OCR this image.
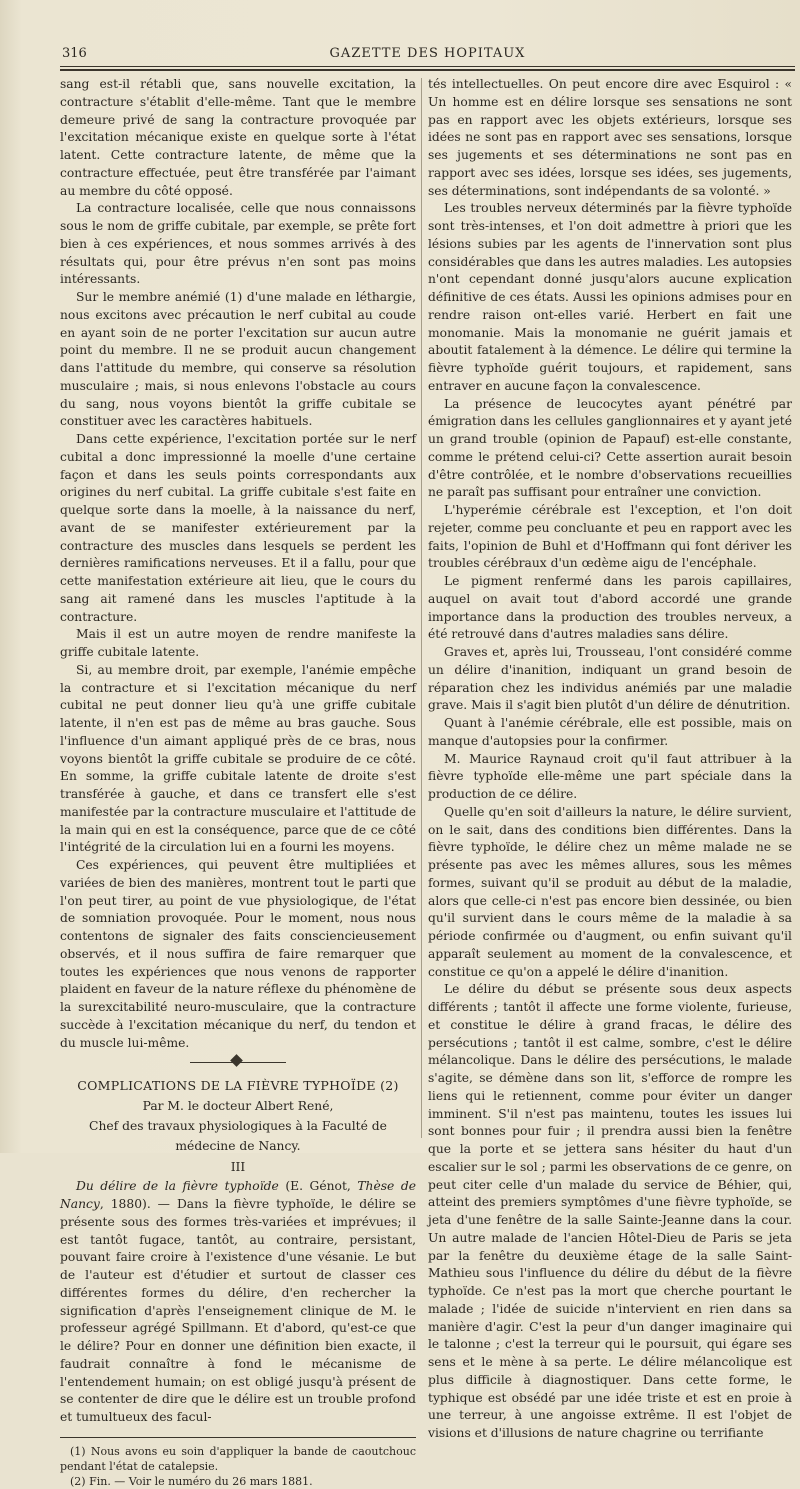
316	GAZETTE DES HOPITAUX

sang est-il rétabli que, sans nouvelle excitation, la contracture s'établit d'elle-même. Tant que le membre demeure privé de sang la contracture provoquée par l'excitation mécanique existe en quelque sorte à l'état latent. Cette contracture latente, de même que la contracture effectuée, peut être transférée par l'aimant au membre du côté opposé.

La contracture localisée, celle que nous connaissons sous le nom de griffe cubitale, par exemple, se prête fort bien à ces expériences, et nous sommes arrivés à des résultats qui, pour être prévus n'en sont pas moins intéressants.

Sur le membre anémié (1) d'une malade en léthargie, nous excitons avec précaution le nerf cubital au coude en ayant soin de ne porter l'excitation sur aucun autre point du membre. Il ne se produit aucun changement dans l'attitude du membre, qui conserve sa résolution musculaire ; mais, si nous enlevons l'obstacle au cours du sang, nous voyons bientôt la griffe cubitale se constituer avec les caractères habituels.

Dans cette expérience, l'excitation portée sur le nerf cubital a donc impressionné la moelle d'une certaine façon et dans les seuls points correspondants aux origines du nerf cubital. La griffe cubitale s'est faite en quelque sorte dans la moelle, à la naissance du nerf, avant de se manifester extérieurement par la contracture des muscles dans lesquels se perdent les dernières ramifications nerveuses. Et il a fallu, pour que cette manifestation extérieure ait lieu, que le cours du sang ait ramené dans les muscles l'aptitude à la contracture.

Mais il est un autre moyen de rendre manifeste la griffe cubitale latente.

Si, au membre droit, par exemple, l'anémie empêche la contracture et si l'excitation mécanique du nerf cubital ne peut donner lieu qu'à une griffe cubitale latente, il n'en est pas de même au bras gauche. Sous l'influence d'un aimant appliqué près de ce bras, nous voyons bientôt la griffe cubitale se produire de ce côté. En somme, la griffe cubitale latente de droite s'est transférée à gauche, et dans ce transfert elle s'est manifestée par la contracture musculaire et l'attitude de la main qui en est la conséquence, parce que de ce côté l'intégrité de la circulation lui en a fourni les moyens.

Ces expériences, qui peuvent être multipliées et variées de bien des manières, montrent tout le parti que l'on peut tirer, au point de vue physiologique, de l'état de somniation provoquée. Pour le moment, nous nous contentons de signaler des faits consciencieusement observés, et il nous suffira de faire remarquer que toutes les expériences que nous venons de rapporter plaident en faveur de la nature réflexe du phénomène de la surexcitabilité neuro-musculaire, que la contracture succède à l'excitation mécanique du nerf, du tendon et du muscle lui-même.

COMPLICATIONS DE LA FIÈVRE TYPHOÏDE (2)
Par M. le docteur Albert René,
Chef des travaux physiologiques à la Faculté de médecine de Nancy.
III

Du délire de la fièvre typhoïde (E. Génot, Thèse de Nancy, 1880). — Dans la fièvre typhoïde, le délire se présente sous des formes très-variées et imprévues; il est tantôt fugace, tantôt, au contraire, persistant, pouvant faire croire à l'existence d'une vésanie. Le but de l'auteur est d'étudier et surtout de classer ces différentes formes du délire, d'en rechercher la signification d'après l'enseignement clinique de M. le professeur agrégé Spillmann. Et d'abord, qu'est-ce que le délire? Pour en donner une définition bien exacte, il faudrait connaître à fond le mécanisme de l'entendement humain; on est obligé jusqu'à présent de se contenter de dire que le délire est un trouble profond et tumultueux des facul-

(1) Nous avons eu soin d'appliquer la bande de caoutchouc pendant l'état de catalepsie.
(2) Fin. — Voir le numéro du 26 mars 1881.

tés intellectuelles. On peut encore dire avec Esquirol : « Un homme est en délire lorsque ses sensations ne sont pas en rapport avec les objets extérieurs, lorsque ses idées ne sont pas en rapport avec ses sensations, lorsque ses jugements et ses déterminations ne sont pas en rapport avec ses idées, lorsque ses idées, ses jugements, ses déterminations, sont indépendants de sa volonté. »

Les troubles nerveux déterminés par la fièvre typhoïde sont très-intenses, et l'on doit admettre à priori que les lésions subies par les agents de l'innervation sont plus considérables que dans les autres maladies. Les autopsies n'ont cependant donné jusqu'alors aucune explication définitive de ces états. Aussi les opinions admises pour en rendre raison ont-elles varié. Herbert en fait une monomanie. Mais la monomanie ne guérit jamais et aboutit fatalement à la démence. Le délire qui termine la fièvre typhoïde guérit toujours, et rapidement, sans entraver en aucune façon la convalescence.

La présence de leucocytes ayant pénétré par émigration dans les cellules ganglionnaires et y ayant jeté un grand trouble (opinion de Papauf) est-elle constante, comme le prétend celui-ci? Cette assertion aurait besoin d'être contrôlée, et le nombre d'observations recueillies ne paraît pas suffisant pour entraîner une conviction.

L'hyperémie cérébrale est l'exception, et l'on doit rejeter, comme peu concluante et peu en rapport avec les faits, l'opinion de Buhl et d'Hoffmann qui font dériver les troubles cérébraux d'un œdème aigu de l'encéphale.

Le pigment renfermé dans les parois capillaires, auquel on avait tout d'abord accordé une grande importance dans la production des troubles nerveux, a été retrouvé dans d'autres maladies sans délire.

Graves et, après lui, Trousseau, l'ont considéré comme un délire d'inanition, indiquant un grand besoin de réparation chez les individus anémiés par une maladie grave. Mais il s'agit bien plutôt d'un délire de dénutrition.

Quant à l'anémie cérébrale, elle est possible, mais on manque d'autopsies pour la confirmer.

M. Maurice Raynaud croit qu'il faut attribuer à la fièvre typhoïde elle-même une part spéciale dans la production de ce délire.

Quelle qu'en soit d'ailleurs la nature, le délire survient, on le sait, dans des conditions bien différentes. Dans la fièvre typhoïde, le délire chez un même malade ne se présente pas avec les mêmes allures, sous les mêmes formes, suivant qu'il se produit au début de la maladie, alors que celle-ci n'est pas encore bien dessinée, ou bien qu'il survient dans le cours même de la maladie à sa période confirmée ou d'augment, ou enfin suivant qu'il apparaît seulement au moment de la convalescence, et constitue ce qu'on a appelé le délire d'inanition.

Le délire du début se présente sous deux aspects différents ; tantôt il affecte une forme violente, furieuse, et constitue le délire à grand fracas, le délire des persécutions ; tantôt il est calme, sombre, c'est le délire mélancolique. Dans le délire des persécutions, le malade s'agite, se démène dans son lit, s'efforce de rompre les liens qui le retiennent, comme pour éviter un danger imminent. S'il n'est pas maintenu, toutes les issues lui sont bonnes pour fuir ; il prendra aussi bien la fenêtre que la porte et se jettera sans hésiter du haut d'un escalier sur le sol ; parmi les observations de ce genre, on peut citer celle d'un malade du service de Béhier, qui, atteint des premiers symptômes d'une fièvre typhoïde, se jeta d'une fenêtre de la salle Sainte-Jeanne dans la cour. Un autre malade de l'ancien Hôtel-Dieu de Paris se jeta par la fenêtre du deuxième étage de la salle Saint-Mathieu sous l'influence du délire du début de la fièvre typhoïde. Ce n'est pas la mort que cherche pourtant le malade ; l'idée de suicide n'intervient en rien dans sa manière d'agir. C'est la peur d'un danger imaginaire qui le talonne ; c'est la terreur qui le poursuit, qui égare ses sens et le mène à sa perte. Le délire mélancolique est plus difficile à diagnostiquer. Dans cette forme, le typhique est obsédé par une idée triste et est en proie à une terreur, à une angoisse extrême. Il est l'objet de visions et d'illusions de nature chagrine ou terrifiante
